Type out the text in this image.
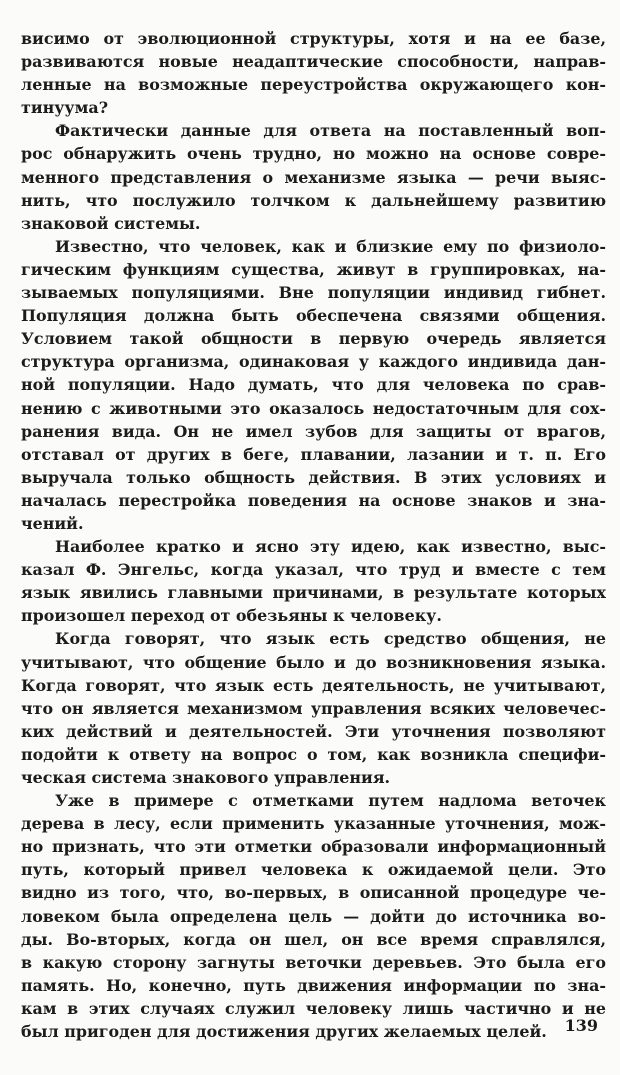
висимо от эволюционной структуры, хотя и на ее базе,
развиваются новые неадаптические способности, направ-
ленные на возможные переустройства окружающего кон-
тинуума?
Фактически данные для ответа на поставленный воп-
рос обнаружить очень трудно, но можно на основе совре-
менного представления о механизме языка — речи выяс-
нить, что послужило толчком к дальнейшему развитию
знаковой системы.
Известно, что человек, как и близкие ему по физиоло-
гическим функциям существа, живут в группировках, на-
зываемых популяциями. Вне популяции индивид гибнет.
Популяция должна быть обеспечена связями общения.
Условием такой общности в первую очередь является
структура организма, одинаковая у каждого индивида дан-
ной популяции. Надо думать, что для человека по срав-
нению с животными это оказалось недостаточным для сох-
ранения вида. Он не имел зубов для защиты от врагов,
отставал от других в беге, плавании, лазании и т. п. Его
выручала только общность действия. В этих условиях и
началась перестройка поведения на основе знаков и зна-
чений.
Наиболее кратко и ясно эту идею, как известно, выс-
казал Ф. Энгельс, когда указал, что труд и вместе с тем
язык явились главными причинами, в результате которых
произошел переход от обезьяны к человеку.
Когда говорят, что язык есть средство общения, не
учитывают, что общение было и до возникновения языка.
Когда говорят, что язык есть деятельность, не учитывают,
что он является механизмом управления всяких человечес-
ких действий и деятельностей. Эти уточнения позволяют
подойти к ответу на вопрос о том, как возникла специфи-
ческая система знакового управления.
Уже в примере с отметками путем надлома веточек
дерева в лесу, если применить указанные уточнения, мож-
но признать, что эти отметки образовали информационный
путь, который привел человека к ожидаемой цели. Это
видно из того, что, во-первых, в описанной процедуре че-
ловеком была определена цель — дойти до источника во-
ды. Во-вторых, когда он шел, он все время справлялся,
в какую сторону загнуты веточки деревьев. Это была его
память. Но, конечно, путь движения информации по зна-
кам в этих случаях служил человеку лишь частично и не
был пригоден для достижения других желаемых целей.	139
